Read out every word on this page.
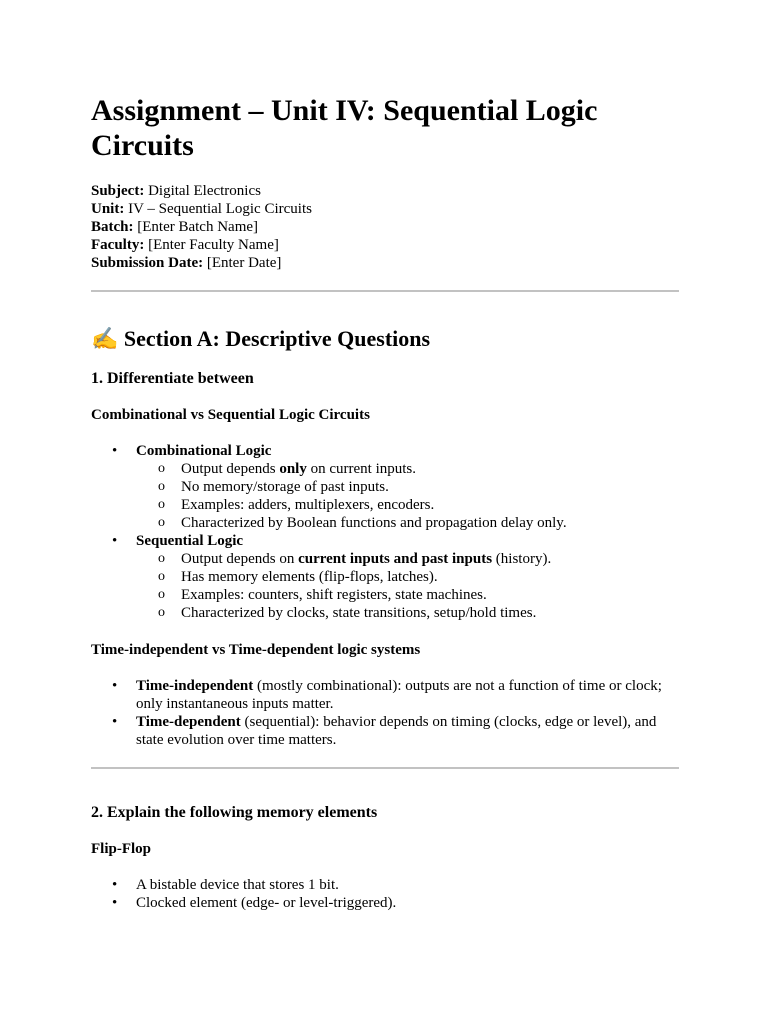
Assignment – Unit IV: Sequential Logic Circuits
Subject: Digital Electronics
Unit: IV – Sequential Logic Circuits
Batch: [Enter Batch Name]
Faculty: [Enter Faculty Name]
Submission Date: [Enter Date]
✍ Section A: Descriptive Questions
1. Differentiate between
Combinational vs Sequential Logic Circuits
• Combinational Logic
o Output depends only on current inputs.
o No memory/storage of past inputs.
o Examples: adders, multiplexers, encoders.
o Characterized by Boolean functions and propagation delay only.
• Sequential Logic
o Output depends on current inputs and past inputs (history).
o Has memory elements (flip-flops, latches).
o Examples: counters, shift registers, state machines.
o Characterized by clocks, state transitions, setup/hold times.
Time-independent vs Time-dependent logic systems
• Time-independent (mostly combinational): outputs are not a function of time or clock; only instantaneous inputs matter.
• Time-dependent (sequential): behavior depends on timing (clocks, edge or level), and state evolution over time matters.
2. Explain the following memory elements
Flip-Flop
• A bistable device that stores 1 bit.
• Clocked element (edge- or level-triggered).
